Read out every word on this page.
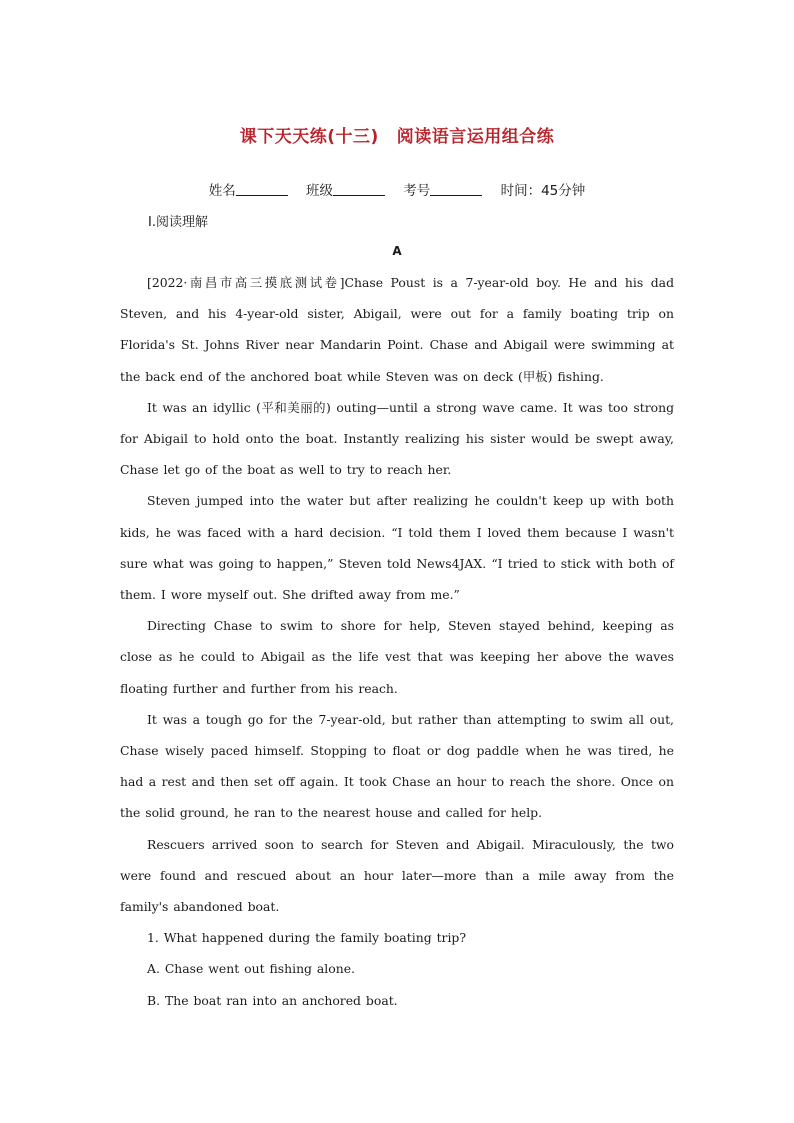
课下天天练(十三) 阅读语言运用组合练
姓名	班级	考号	时间：45分钟
Ⅰ.阅读理解
A

[2022·南昌市高三摸底测试卷]Chase Poust is a 7-year-old boy. He and his dad Steven, and his 4-year-old sister, Abigail, were out for a family boating trip on Florida's St. Johns River near Mandarin Point. Chase and Abigail were swimming at the back end of the anchored boat while Steven was on deck (甲板) fishing.

It was an idyllic (平和美丽的) outing—until a strong wave came. It was too strong for Abigail to hold onto the boat. Instantly realizing his sister would be swept away, Chase let go of the boat as well to try to reach her.

Steven jumped into the water but after realizing he couldn't keep up with both kids, he was faced with a hard decision. “I told them I loved them because I wasn't sure what was going to happen,” Steven told News4JAX. “I tried to stick with both of them. I wore myself out. She drifted away from me.”

Directing Chase to swim to shore for help, Steven stayed behind, keeping as close as he could to Abigail as the life vest that was keeping her above the waves floating further and further from his reach.

It was a tough go for the 7-year-old, but rather than attempting to swim all out, Chase wisely paced himself. Stopping to float or dog paddle when he was tired, he had a rest and then set off again. It took Chase an hour to reach the shore. Once on the solid ground, he ran to the nearest house and called for help.

Rescuers arrived soon to search for Steven and Abigail. Miraculously, the two were found and rescued about an hour later—more than a mile away from the family's abandoned boat.

1. What happened during the family boating trip?

A. Chase went out fishing alone.

B. The boat ran into an anchored boat.
